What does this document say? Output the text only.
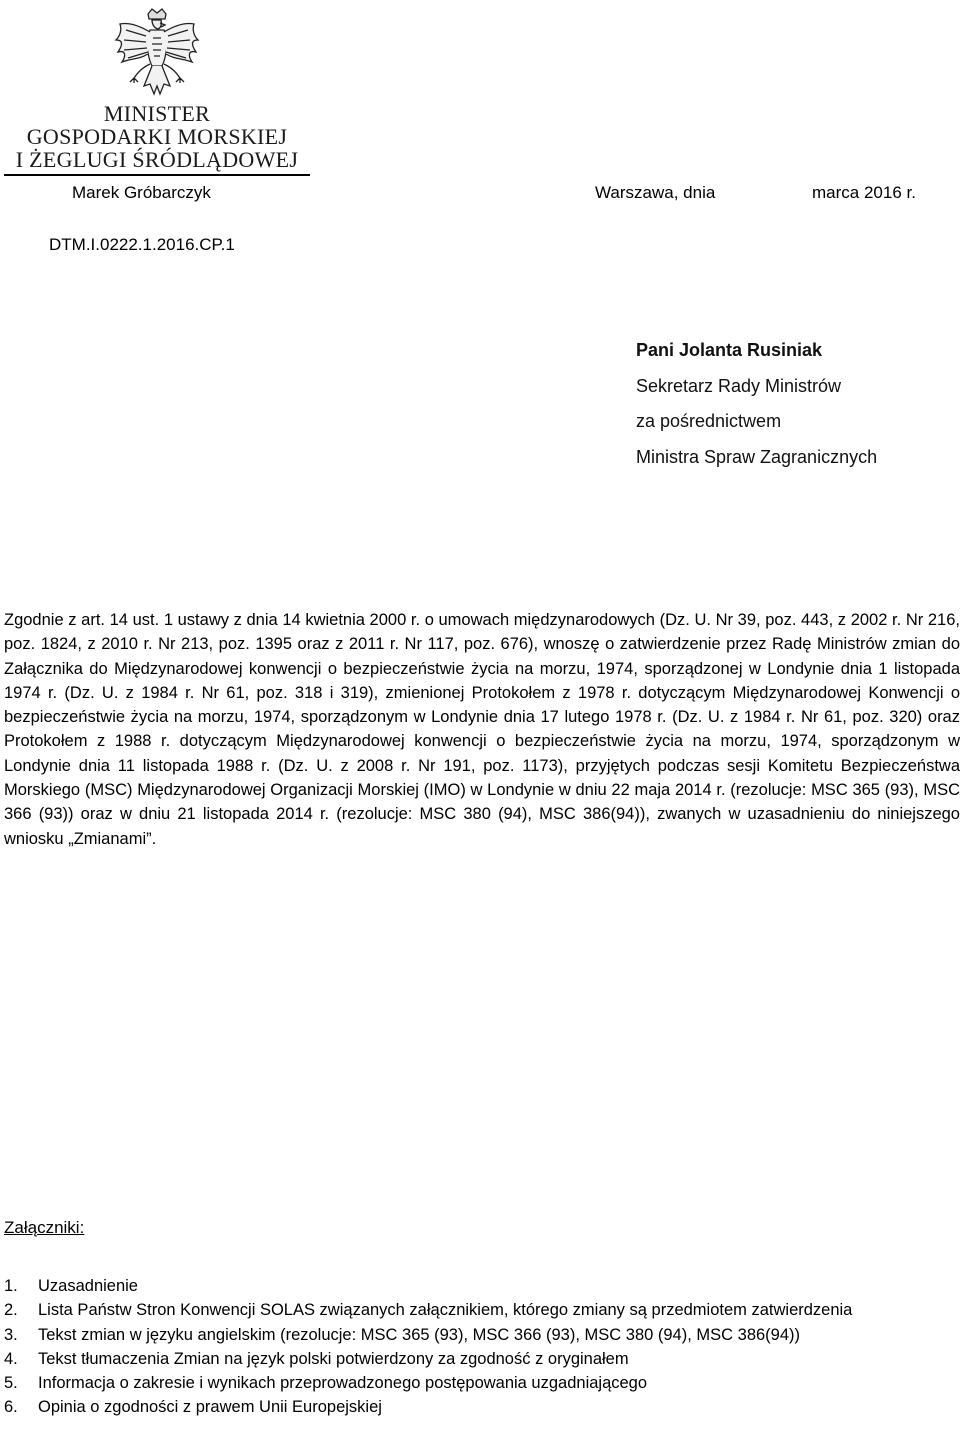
MINISTER
GOSPODARKI MORSKIEJ
I ŻEGLUGI ŚRÓDLĄDOWEJ
Marek Gróbarczyk	Warszawa, dnia	marca 2016 r.
DTM.I.0222.1.2016.CP.1
Pani Jolanta Rusiniak
Sekretarz Rady Ministrów
za pośrednictwem
Ministra Spraw Zagranicznych
Zgodnie z art. 14 ust. 1 ustawy z dnia 14 kwietnia 2000 r. o umowach międzynarodowych (Dz. U. Nr 39, poz. 443, z 2002 r. Nr 216, poz. 1824, z 2010 r. Nr 213, poz. 1395 oraz z 2011 r. Nr 117, poz. 676), wnoszę o zatwierdzenie przez Radę Ministrów zmian do Załącznika do Międzynarodowej konwencji o bezpieczeństwie życia na morzu, 1974, sporządzonej w Londynie dnia 1 listopada 1974 r. (Dz. U. z 1984 r. Nr 61, poz. 318 i 319), zmienionej Protokołem z 1978 r. dotyczącym Międzynarodowej Konwencji o bezpieczeństwie życia na morzu, 1974, sporządzonym w Londynie dnia 17 lutego 1978 r. (Dz. U. z 1984 r. Nr 61, poz. 320) oraz Protokołem z 1988 r. dotyczącym Międzynarodowej konwencji o bezpieczeństwie życia na morzu, 1974, sporządzonym w Londynie dnia 11 listopada 1988 r. (Dz. U. z 2008 r. Nr 191, poz. 1173), przyjętych podczas sesji Komitetu Bezpieczeństwa Morskiego (MSC) Międzynarodowej Organizacji Morskiej (IMO) w Londynie w dniu 22 maja 2014 r. (rezolucje: MSC 365 (93), MSC 366 (93)) oraz w dniu 21 listopada 2014 r. (rezolucje: MSC 380 (94), MSC 386(94)), zwanych w uzasadnieniu do niniejszego wniosku „Zmianami”.
Załączniki:
1.	Uzasadnienie
2.	Lista Państw Stron Konwencji SOLAS związanych załącznikiem, którego zmiany są przedmiotem zatwierdzenia
3.	Tekst zmian w języku angielskim (rezolucje: MSC 365 (93), MSC 366 (93), MSC 380 (94), MSC 386(94))
4.	Tekst tłumaczenia Zmian na język polski potwierdzony za zgodność z oryginałem
5.	Informacja o zakresie i wynikach przeprowadzonego postępowania uzgadniającego
6.	Opinia o zgodności z prawem Unii Europejskiej
